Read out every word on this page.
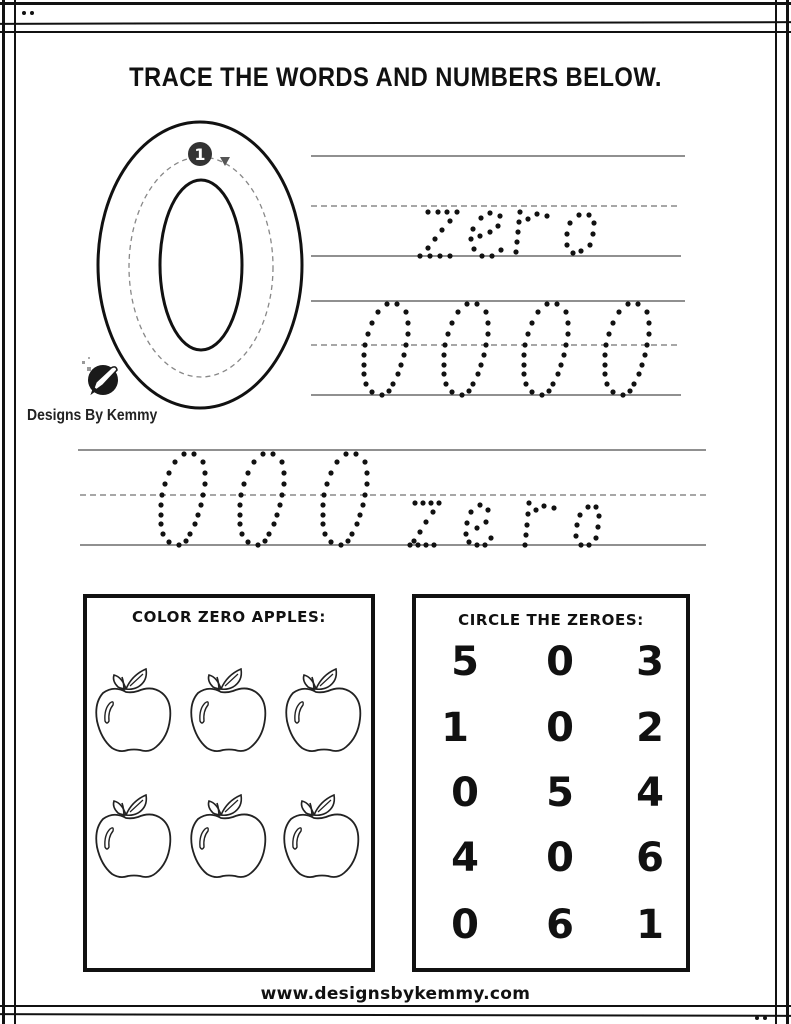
TRACE THE WORDS AND NUMBERS BELOW.
1
Designs By Kemmy
COLOR ZERO APPLES:	CIRCLE THE ZEROES:
5	0	3
1	0	2
0	5	4
4	0	6
0	6	1
www.designsbykemmy.com
